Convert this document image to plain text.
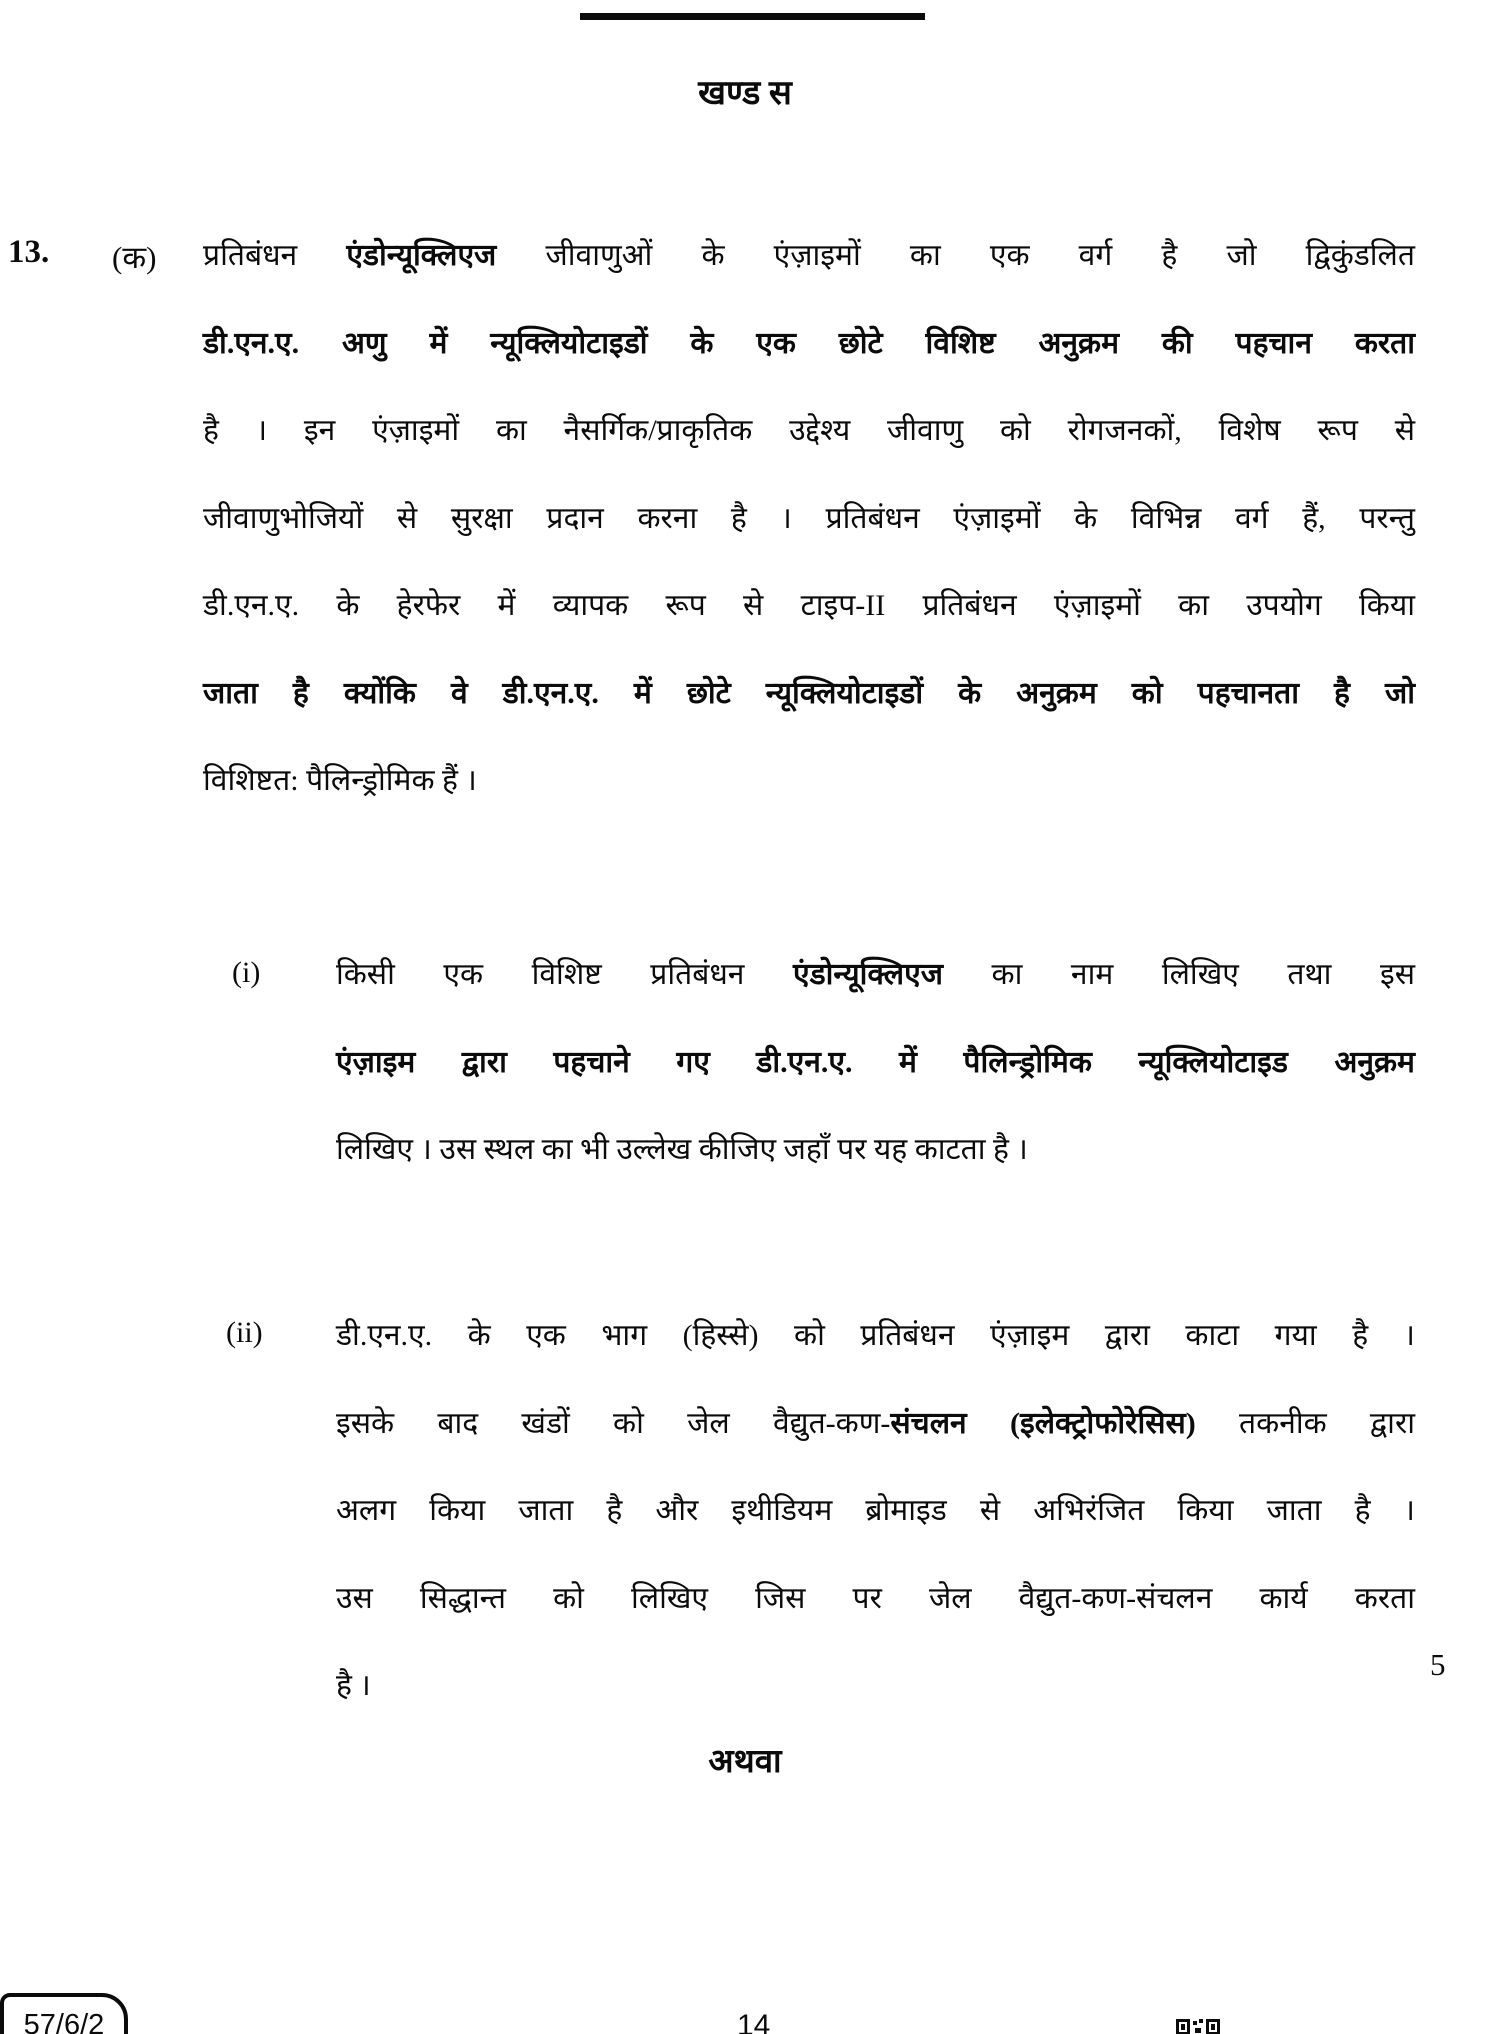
खण्ड स
13. (क) प्रतिबंधन एंडोन्यूक्लिएज जीवाणुओं के एंज़ाइमों का एक वर्ग है जो द्विकुंडलित
डी.एन.ए. अणु में न्यूक्लियोटाइडों के एक छोटे विशिष्ट अनुक्रम की पहचान करता
है । इन एंज़ाइमों का नैसर्गिक/प्राकृतिक उद्देश्य जीवाणु को रोगजनकों, विशेष रूप से
जीवाणुभोजियों से सुरक्षा प्रदान करना है । प्रतिबंधन एंज़ाइमों के विभिन्न वर्ग हैं, परन्तु
डी.एन.ए. के हेरफेर में व्यापक रूप से टाइप-II प्रतिबंधन एंज़ाइमों का उपयोग किया
जाता है क्योंकि वे डी.एन.ए. में छोटे न्यूक्लियोटाइडों के अनुक्रम को पहचानता है जो
विशिष्टत: पैलिन्ड्रोमिक हैं ।
(i)	किसी एक विशिष्ट प्रतिबंधन एंडोन्यूक्लिएज का नाम लिखिए तथा इस
एंज़ाइम द्वारा पहचाने गए डी.एन.ए. में पैलिन्ड्रोमिक न्यूक्लियोटाइड अनुक्रम
लिखिए । उस स्थल का भी उल्लेख कीजिए जहाँ पर यह काटता है ।
(ii) डी.एन.ए. के एक भाग (हिस्से) को प्रतिबंधन एंज़ाइम द्वारा काटा गया है ।
इसके बाद खंडों को जेल वैद्युत-कण-संचलन (इलेक्ट्रोफोरेसिस) तकनीक द्वारा
अलग किया जाता है और इथीडियम ब्रोमाइड से अभिरंजित किया जाता है ।
उस सिद्धान्त को लिखिए जिस पर जेल वैद्युत-कण-संचलन कार्य करता
है ।
5
अथवा
57/6/2	14
